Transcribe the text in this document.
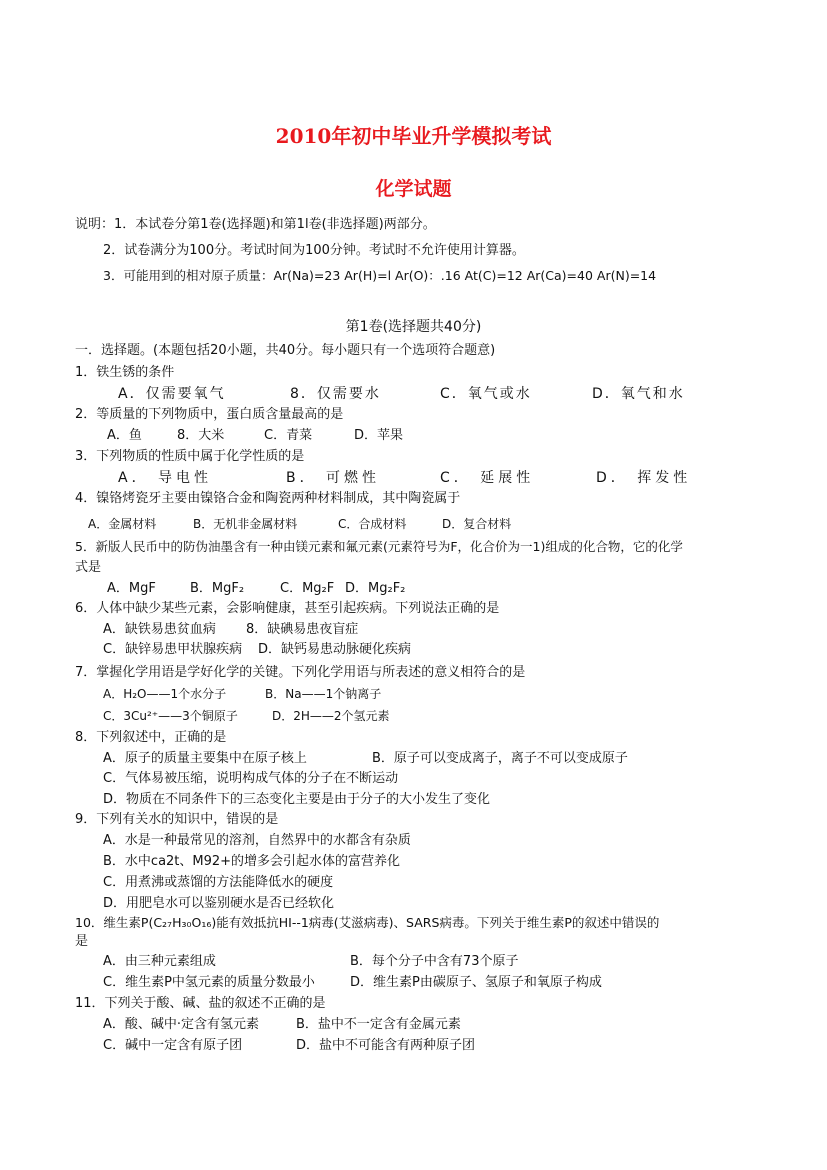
2010年初中毕业升学模拟考试
化学试题
说明：1．本试卷分第1卷(选择题)和第1l卷(非选择题)两部分。
2．试卷满分为100分。考试时间为100分钟。考试时不允许使用计算器。
3．可能用到的相对原子质量：Ar(Na)=23 Ar(H)=l Ar(O)：.16 At(C)=12 Ar(Ca)=40 Ar(N)=14
第1卷(选择题共40分)
一．选择题。(本题包括20小题，共40分。每小题只有一个选项符合题意)
1．铁生锈的条件
A．仅需要氧气	8．仅需要水	C．氧气或水	D．氧气和水
2．等质量的下列物质中，蛋白质含量最高的是
A．鱼	8．大米	C．青菜	D．苹果
3．下列物质的性质中属于化学性质的是
A． 导电性	B． 可燃性	C． 延展性	D． 挥发性
4．镍铬烤瓷牙主要由镍铬合金和陶瓷两种材料制成，其中陶瓷属于
A．金属材料	B．无机非金属材料	C．合成材料	D．复合材料
5．新版人民币中的防伪油墨含有一种由镁元素和氟元素(元素符号为F，化合价为一1)组成的化合物，它的化学
式是
A．MgF	B．MgF₂	C．Mg₂F D．Mg₂F₂
6．人体中缺少某些元素，会影响健康，甚至引起疾病。下列说法正确的是
A．缺铁易患贫血病 8．缺碘易患夜盲症
C．缺锌易患甲状腺疾病 D．缺钙易患动脉硬化疾病
7．掌握化学用语是学好化学的关键。下列化学用语与所表述的意义相符合的是
A．H₂O——1个水分子	B．Na——1个钠离子
C．3Cu²⁺——3个铜原子	D．2H——2个氢元素
8．下列叙述中，正确的是
A．原子的质量主要集中在原子核上	B．原子可以变成离子，离子不可以变成原子
C．气体易被压缩，说明构成气体的分子在不断运动
D．物质在不同条件下的三态变化主要是由于分子的大小发生了变化
9．下列有关水的知识中，错误的是
A．水是一种最常见的溶剂，自然界中的水都含有杂质
B．水中ca2t、M92+的增多会引起水体的富营养化
C．用煮沸或蒸馏的方法能降低水的硬度
D．用肥皂水可以鉴别硬水是否已经软化
10．维生素P(C₂₇H₃₀O₁₆)能有效抵抗HI--1病毒(艾滋病毒)、SARS病毒。下列关于维生素P的叙述中错误的
是
A．由三种元素组成	B．每个分子中含有73个原子
C．维生素P中氢元素的质量分数最小	D．维生素P由碳原子、氢原子和氧原子构成
11．下列关于酸、碱、盐的叙述不正确的是
A．酸、碱中·定含有氢元素	B．盐中不一定含有金属元素
C．碱中一定含有原子团	D．盐中不可能含有两种原子团
